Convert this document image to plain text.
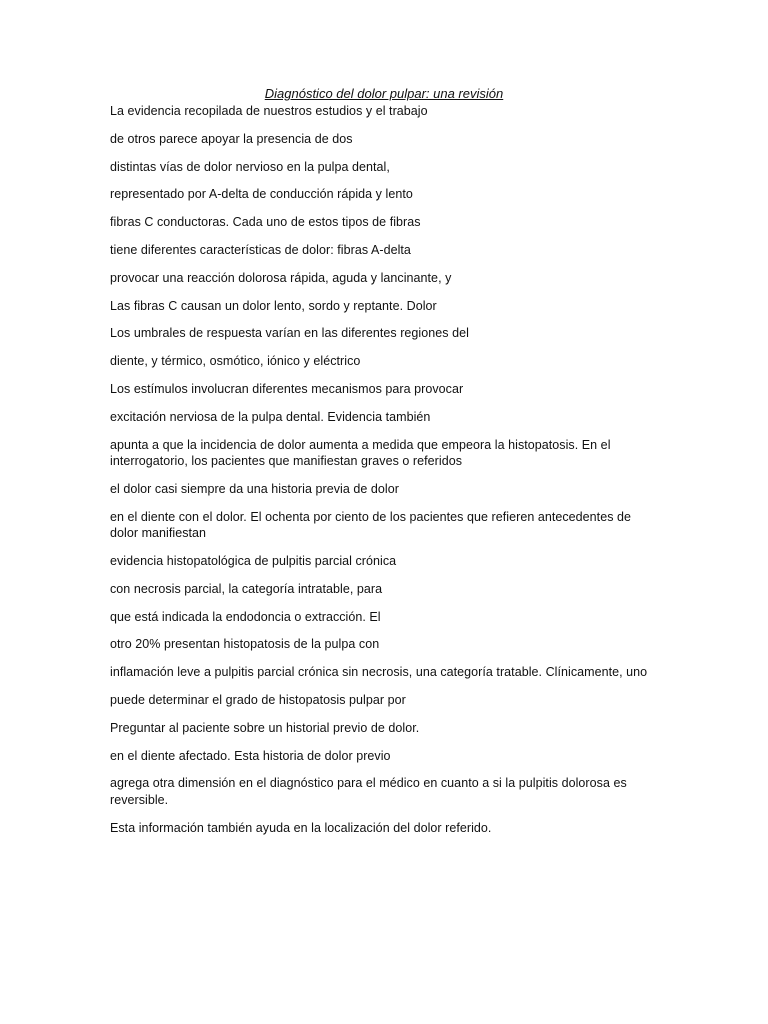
Diagnóstico del dolor pulpar: una revisión

La evidencia recopilada de nuestros estudios y el trabajo

de otros parece apoyar la presencia de dos

distintas vías de dolor nervioso en la pulpa dental,

representado por A-delta de conducción rápida y lento

fibras C conductoras. Cada uno de estos tipos de fibras

tiene diferentes características de dolor: fibras A-delta

provocar una reacción dolorosa rápida, aguda y lancinante, y

Las fibras C causan un dolor lento, sordo y reptante. Dolor

Los umbrales de respuesta varían en las diferentes regiones del

diente, y térmico, osmótico, iónico y eléctrico

Los estímulos involucran diferentes mecanismos para provocar

excitación nerviosa de la pulpa dental. Evidencia también

apunta a que la incidencia de dolor aumenta a medida que empeora la histopatosis. En el interrogatorio, los pacientes que manifiestan graves o referidos

el dolor casi siempre da una historia previa de dolor

en el diente con el dolor. El ochenta por ciento de los pacientes que refieren antecedentes de dolor manifiestan

evidencia histopatológica de pulpitis parcial crónica

con necrosis parcial, la categoría intratable, para

que está indicada la endodoncia o extracción. El

otro 20% presentan histopatosis de la pulpa con

inflamación leve a pulpitis parcial crónica sin necrosis, una categoría tratable. Clínicamente, uno

puede determinar el grado de histopatosis pulpar por

Preguntar al paciente sobre un historial previo de dolor.

en el diente afectado. Esta historia de dolor previo

agrega otra dimensión en el diagnóstico para el médico en cuanto a si la pulpitis dolorosa es reversible.

Esta información también ayuda en la localización del dolor referido.
